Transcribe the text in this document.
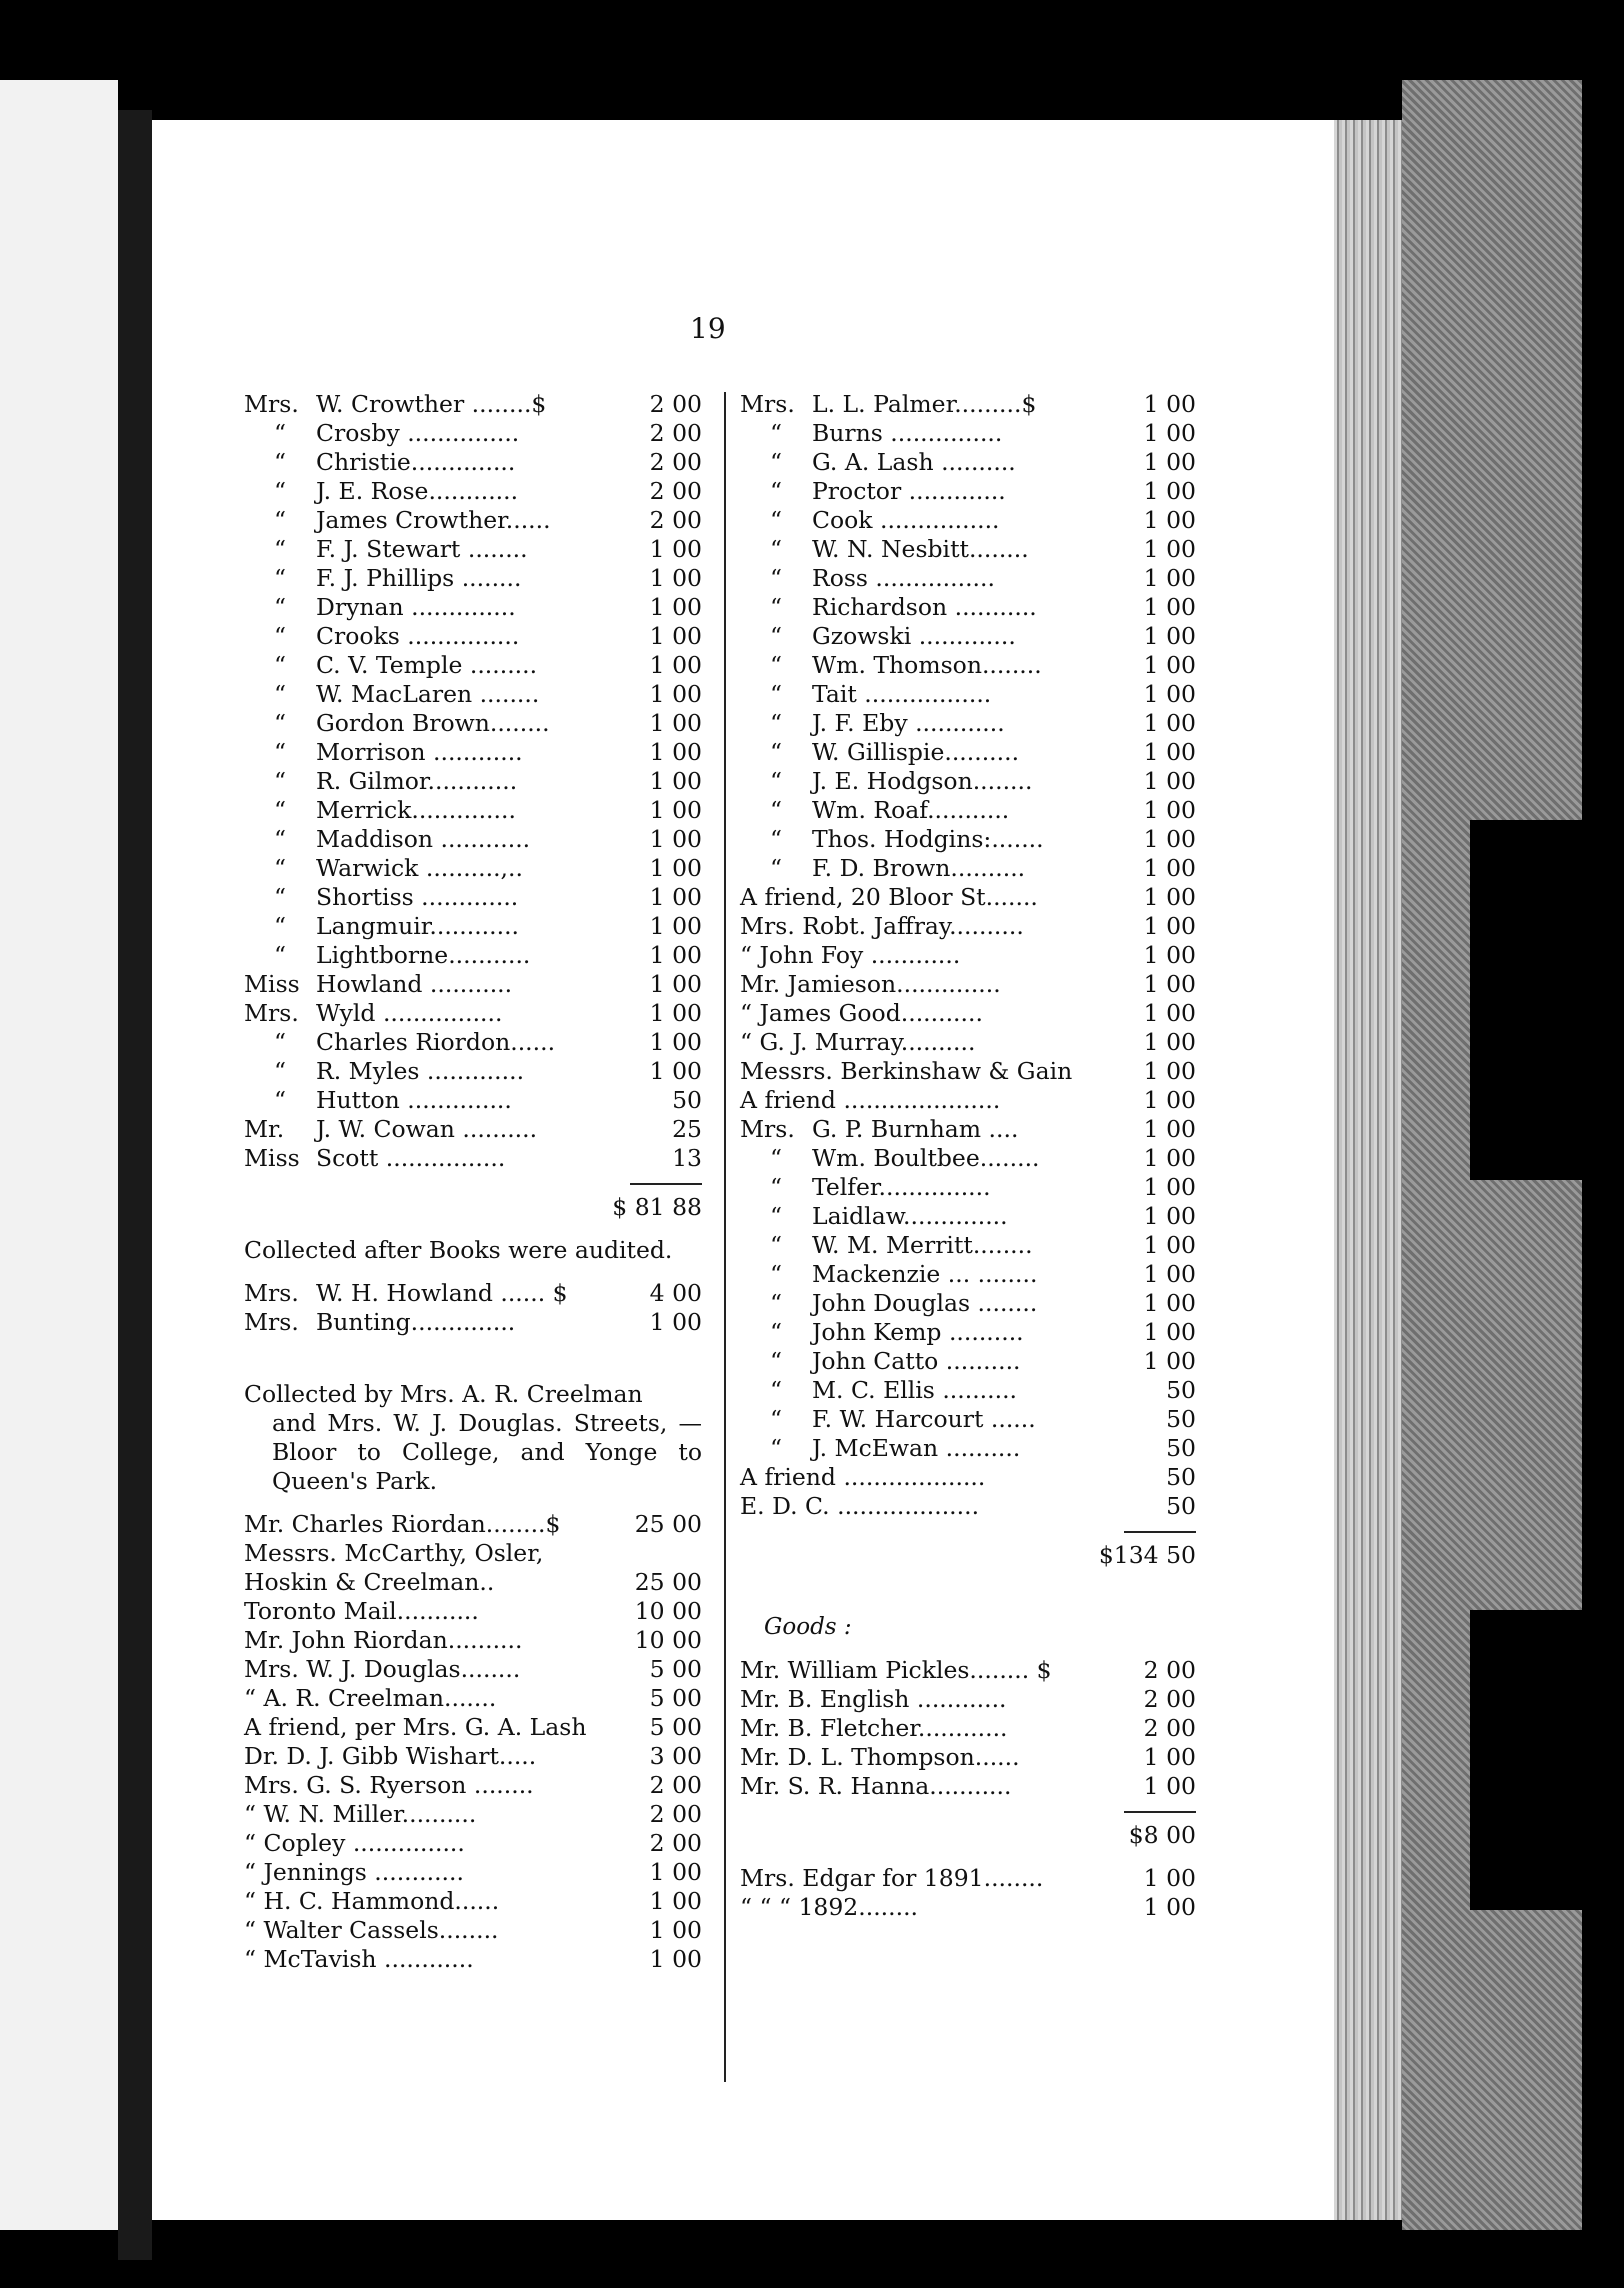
19
Mrs. W. Crowther ........$	2 00
“ Crosby ...............	2 00
“ Christie..............	2 00
“ J. E. Rose............	2 00
“ James Crowther......	2 00
“ F. J. Stewart ........	1 00
“ F. J. Phillips ........	1 00
“ Drynan ..............	1 00
“ Crooks ...............	1 00
“ C. V. Temple .........	1 00
“ W. MacLaren ........	1 00
“ Gordon Brown........	1 00
“ Morrison ............	1 00
“ R. Gilmor............	1 00
“ Merrick..............	1 00
“ Maddison ............	1 00
“ Warwick ..........,..	1 00
“ Shortiss .............	1 00
“ Langmuir............	1 00
“ Lightborne...........	1 00
Miss Howland ...........	1 00
Mrs. Wyld ................	1 00
“ Charles Riordon......	1 00
“ R. Myles .............	1 00
“ Hutton ..............	50
Mr. J. W. Cowan ..........	25
Miss Scott ................	13
$ 81 88
Collected after Books were audited.
Mrs. W. H. Howland ...... $	4 00
Mrs. Bunting..............	1 00
Collected by Mrs. A. R. Creelman
and Mrs. W. J. Douglas. Streets, —Bloor to College, and Yonge to Queen's Park.
Mr. Charles Riordan........$	25 00
Messrs. McCarthy, Osler,
Hoskin & Creelman..	25 00
Toronto Mail...........	10 00
Mr. John Riordan..........	10 00
Mrs. W. J. Douglas........	5 00
“ A. R. Creelman.......	5 00
A friend, per Mrs. G. A. Lash	5 00
Dr. D. J. Gibb Wishart.....	3 00
Mrs. G. S. Ryerson ........	2 00
“ W. N. Miller..........	2 00
“ Copley ...............	2 00
“ Jennings ............	1 00
“ H. C. Hammond......	1 00
“ Walter Cassels........	1 00
“ McTavish ............	1 00
Mrs. L. L. Palmer.........$	1 00
“ Burns ...............	1 00
“ G. A. Lash ..........	1 00
“ Proctor .............	1 00
“ Cook ................	1 00
“ W. N. Nesbitt........	1 00
“ Ross ................	1 00
“ Richardson ...........	1 00
“ Gzowski .............	1 00
“ Wm. Thomson........	1 00
“ Tait .................	1 00
“ J. F. Eby ............	1 00
“ W. Gillispie..........	1 00
“ J. E. Hodgson........	1 00
“ Wm. Roaf...........	1 00
“ Thos. Hodgins:.......	1 00
“ F. D. Brown..........	1 00
A friend, 20 Bloor St.......	1 00
Mrs. Robt. Jaffray..........	1 00
“ John Foy ............	1 00
Mr. Jamieson..............	1 00
“ James Good...........	1 00
“ G. J. Murray..........	1 00
Messrs. Berkinshaw & Gain	1 00
A friend .....................	1 00
Mrs. G. P. Burnham ....	1 00
“ Wm. Boultbee........	1 00
“ Telfer...............	1 00
“ Laidlaw..............	1 00
“ W. M. Merritt........	1 00
“ Mackenzie ... ........	1 00
“ John Douglas ........	1 00
“ John Kemp ..........	1 00
“ John Catto ..........	1 00
“ M. C. Ellis ..........	50
“ F. W. Harcourt ......	50
“ J. McEwan ..........	50
A friend ...................	50
E. D. C. ...................	50
$134 50
Goods :
Mr. William Pickles........ $	2 00
Mr. B. English ............	2 00
Mr. B. Fletcher............	2 00
Mr. D. L. Thompson......	1 00
Mr. S. R. Hanna...........	1 00
$8 00
Mrs. Edgar for 1891........	1 00
“ “ “ 1892........	1 00
